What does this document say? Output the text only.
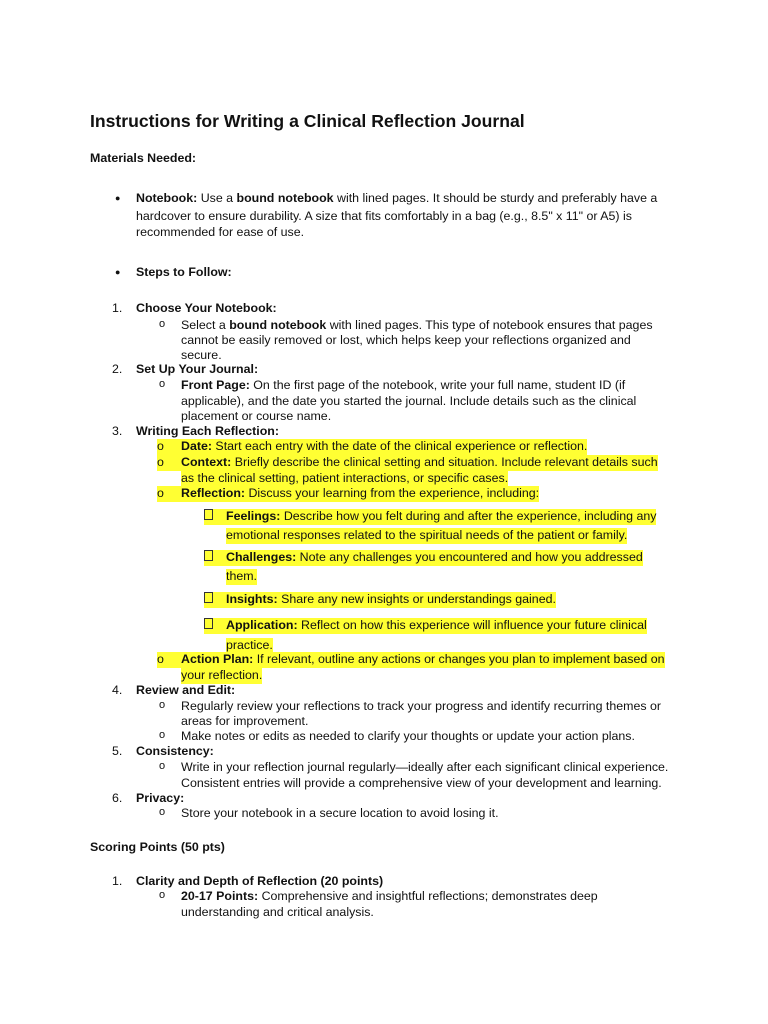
Instructions for Writing a Clinical Reflection Journal
Materials Needed:
● Notebook: Use a bound notebook with lined pages. It should be sturdy and preferably have a
hardcover to ensure durability. A size that fits comfortably in a bag (e.g., 8.5" x 11" or A5) is
recommended for ease of use.
● Steps to Follow:
1. Choose Your Notebook:
o Select a bound notebook with lined pages. This type of notebook ensures that pages
cannot be easily removed or lost, which helps keep your reflections organized and
secure.
2. Set Up Your Journal:
o Front Page: On the first page of the notebook, write your full name, student ID (if
applicable), and the date you started the journal. Include details such as the clinical
placement or course name.
3. Writing Each Reflection:
o Date: Start each entry with the date of the clinical experience or reflection.
o Context: Briefly describe the clinical setting and situation. Include relevant details such
as the clinical setting, patient interactions, or specific cases.
o Reflection: Discuss your learning from the experience, including:
Feelings: Describe how you felt during and after the experience, including any
emotional responses related to the spiritual needs of the patient or family.
Challenges: Note any challenges you encountered and how you addressed
them.
Insights: Share any new insights or understandings gained.
Application: Reflect on how this experience will influence your future clinical
practice.
o Action Plan: If relevant, outline any actions or changes you plan to implement based on
your reflection.
4. Review and Edit:
o Regularly review your reflections to track your progress and identify recurring themes or
areas for improvement.
o Make notes or edits as needed to clarify your thoughts or update your action plans.
5. Consistency:
o Write in your reflection journal regularly—ideally after each significant clinical experience.
Consistent entries will provide a comprehensive view of your development and learning.
6. Privacy:
o Store your notebook in a secure location to avoid losing it.
Scoring Points (50 pts)
1. Clarity and Depth of Reflection (20 points)
o 20-17 Points: Comprehensive and insightful reflections; demonstrates deep
understanding and critical analysis.
